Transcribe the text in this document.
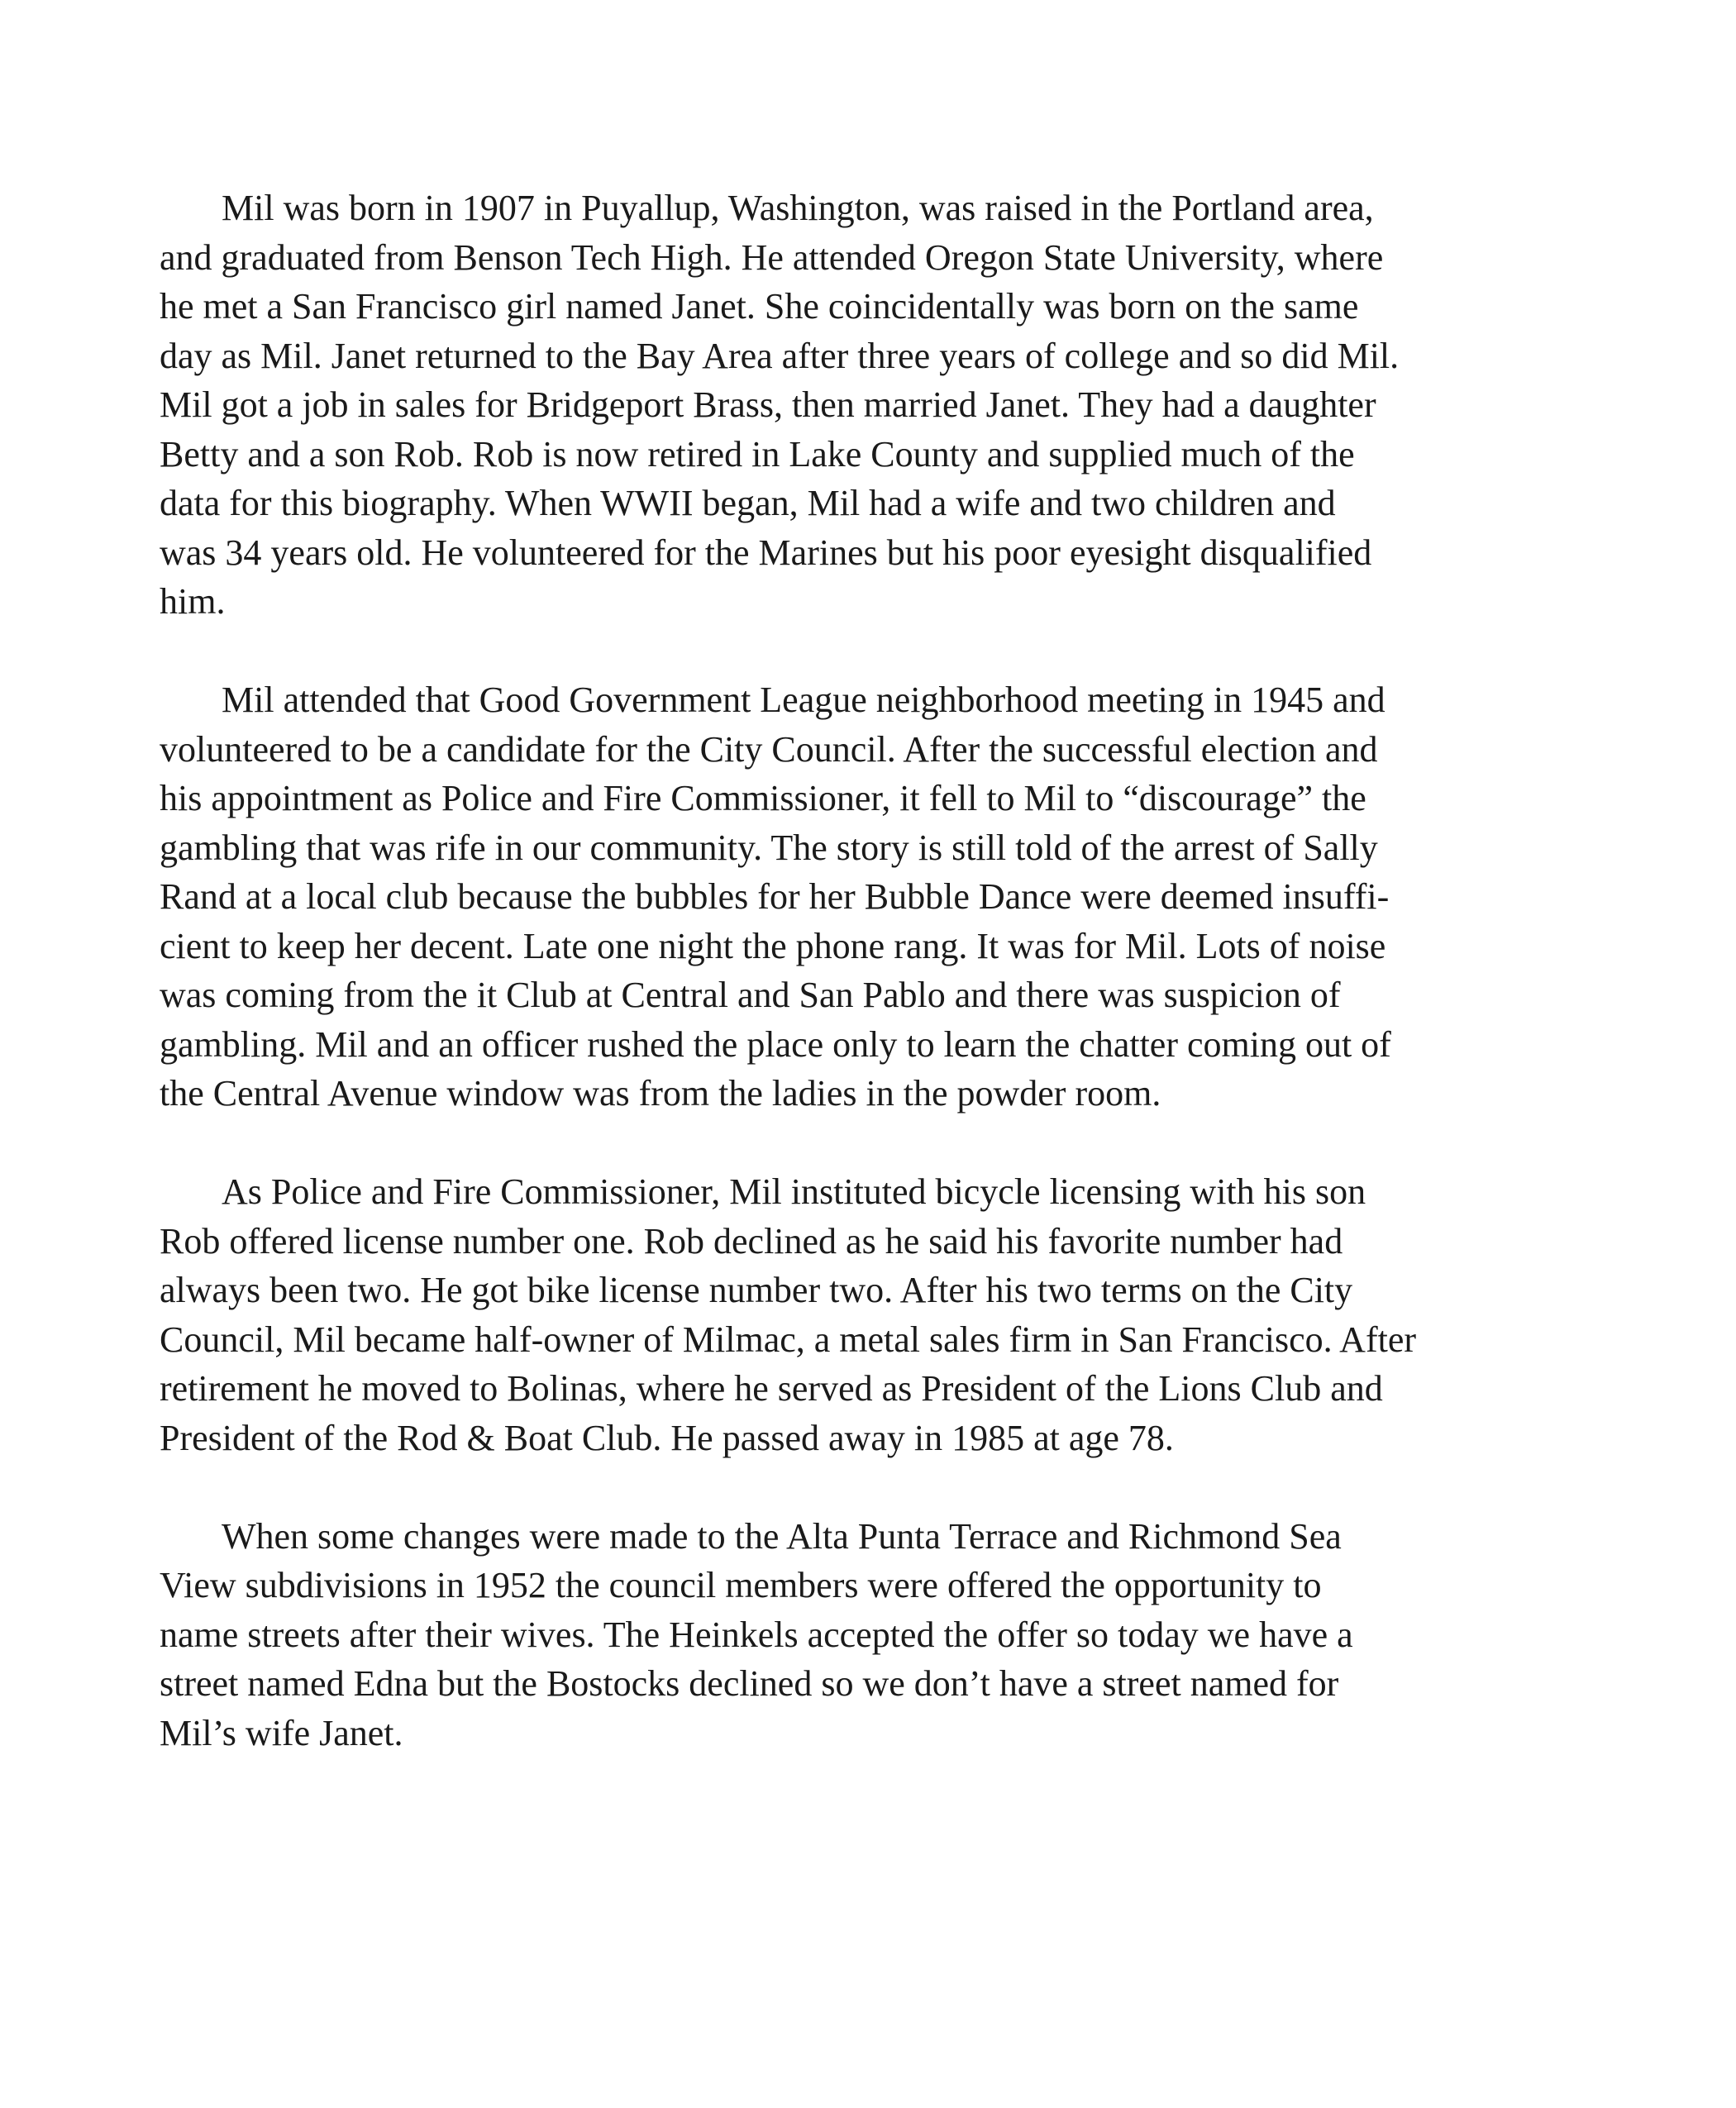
Mil was born in 1907 in Puyallup, Washington, was raised in the Portland area,
and graduated from Benson Tech High. He attended Oregon State University, where
he met a San Francisco girl named Janet. She coincidentally was born on the same
day as Mil. Janet returned to the Bay Area after three years of college and so did Mil.
Mil got a job in sales for Bridgeport Brass, then married Janet. They had a daughter
Betty and a son Rob. Rob is now retired in Lake County and supplied much of the
data for this biography. When WWII began, Mil had a wife and two children and
was 34 years old. He volunteered for the Marines but his poor eyesight disqualified
him.

Mil attended that Good Government League neighborhood meeting in 1945 and
volunteered to be a candidate for the City Council. After the successful election and
his appointment as Police and Fire Commissioner, it fell to Mil to “discourage” the
gambling that was rife in our community. The story is still told of the arrest of Sally
Rand at a local club because the bubbles for her Bubble Dance were deemed insuffi-
cient to keep her decent. Late one night the phone rang. It was for Mil. Lots of noise
was coming from the it Club at Central and San Pablo and there was suspicion of
gambling. Mil and an officer rushed the place only to learn the chatter coming out of
the Central Avenue window was from the ladies in the powder room.

As Police and Fire Commissioner, Mil instituted bicycle licensing with his son
Rob offered license number one. Rob declined as he said his favorite number had
always been two. He got bike license number two. After his two terms on the City
Council, Mil became half-owner of Milmac, a metal sales firm in San Francisco. After
retirement he moved to Bolinas, where he served as President of the Lions Club and
President of the Rod & Boat Club. He passed away in 1985 at age 78.

When some changes were made to the Alta Punta Terrace and Richmond Sea
View subdivisions in 1952 the council members were offered the opportunity to
name streets after their wives. The Heinkels accepted the offer so today we have a
street named Edna but the Bostocks declined so we don’t have a street named for
Mil’s wife Janet.
